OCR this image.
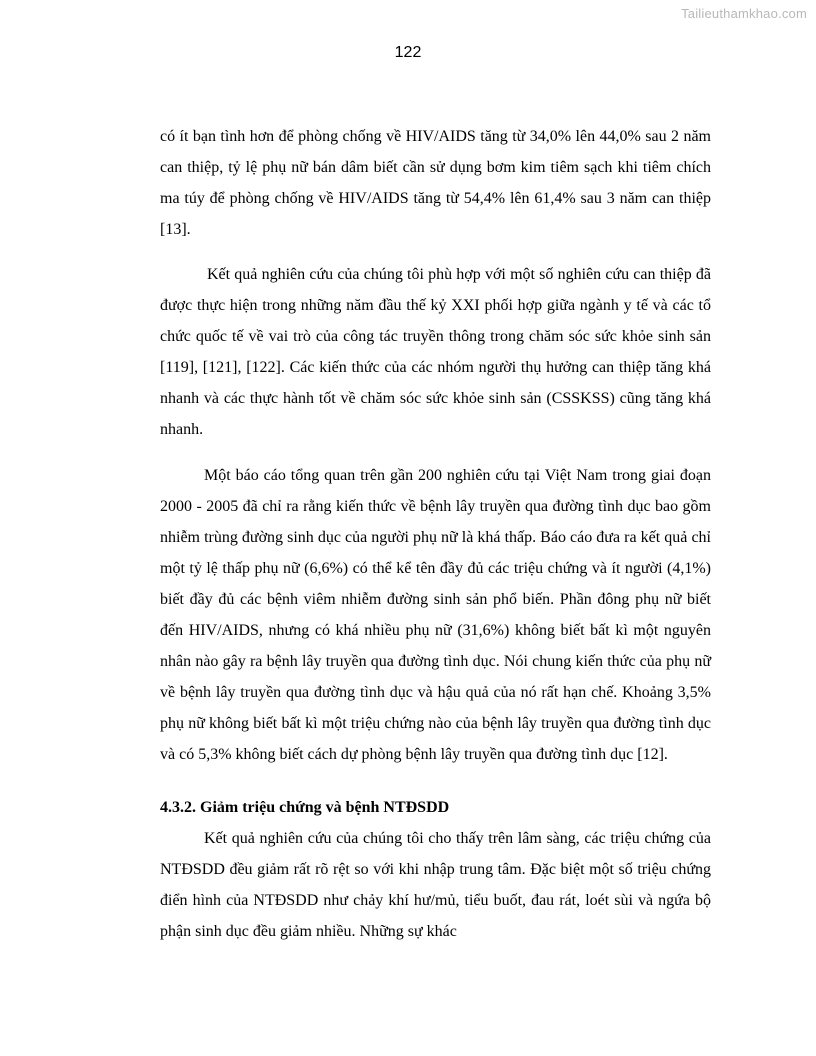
Tailieuthamkhao.com
122

có ít bạn tình hơn để phòng chống về HIV/AIDS tăng từ 34,0% lên 44,0% sau 2 năm can thiệp, tỷ lệ phụ nữ bán dâm biết cần sử dụng bơm kim tiêm sạch khi tiêm chích ma túy để phòng chống về HIV/AIDS tăng từ 54,4% lên 61,4% sau 3 năm can thiệp [13].

Kết quả nghiên cứu của chúng tôi phù hợp với một số nghiên cứu can thiệp đã được thực hiện trong những năm đầu thế kỷ XXI phối hợp giữa ngành y tế và các tổ chức quốc tế về vai trò của công tác truyền thông trong chăm sóc sức khỏe sinh sản [119], [121], [122]. Các kiến thức của các nhóm người thụ hưởng can thiệp tăng khá nhanh và các thực hành tốt về chăm sóc sức khỏe sinh sản (CSSKSS) cũng tăng khá nhanh.

Một báo cáo tổng quan trên gần 200 nghiên cứu tại Việt Nam trong giai đoạn 2000 - 2005 đã chỉ ra rằng kiến thức về bệnh lây truyền qua đường tình dục bao gồm nhiễm trùng đường sinh dục của người phụ nữ là khá thấp. Báo cáo đưa ra kết quả chỉ một tỷ lệ thấp phụ nữ (6,6%) có thể kể tên đầy đủ các triệu chứng và ít người (4,1%) biết đầy đủ các bệnh viêm nhiễm đường sinh sản phổ biến. Phần đông phụ nữ biết đến HIV/AIDS, nhưng có khá nhiều phụ nữ (31,6%) không biết bất kì một nguyên nhân nào gây ra bệnh lây truyền qua đường tình dục. Nói chung kiến thức của phụ nữ về bệnh lây truyền qua đường tình dục và hậu quả của nó rất hạn chế. Khoảng 3,5% phụ nữ không biết bất kì một triệu chứng nào của bệnh lây truyền qua đường tình dục và có 5,3% không biết cách dự phòng bệnh lây truyền qua đường tình dục [12].

4.3.2. Giảm triệu chứng và bệnh NTĐSDD

Kết quả nghiên cứu của chúng tôi cho thấy trên lâm sàng, các triệu chứng của NTĐSDD đều giảm rất rõ rệt so với khi nhập trung tâm. Đặc biệt một số triệu chứng điển hình của NTĐSDD như chảy khí hư/mủ, tiểu buốt, đau rát, loét sùi và ngứa bộ phận sinh dục đều giảm nhiều. Những sự khác
